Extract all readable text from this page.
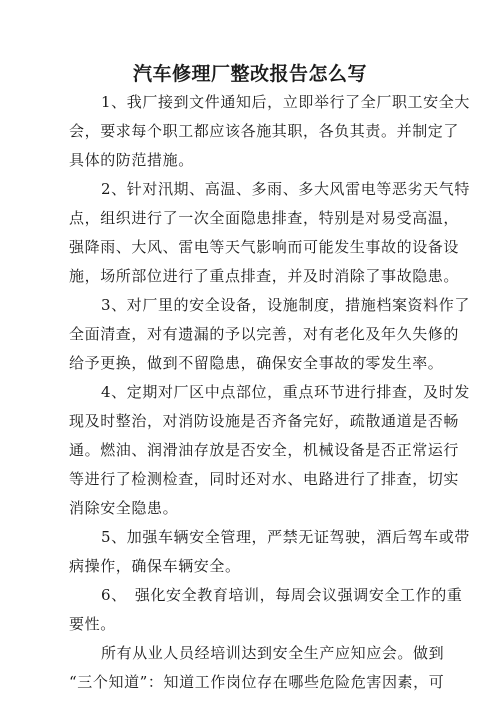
汽车修理厂整改报告怎么写

1、我厂接到文件通知后，立即举行了全厂职工安全大
会，要求每个职工都应该各施其职，各负其责。并制定了
具体的防范措施。

2、针对汛期、高温、多雨、多大风雷电等恶劣天气特
点，组织进行了一次全面隐患排查，特别是对易受高温，
强降雨、大风、雷电等天气影响而可能发生事故的设备设
施，场所部位进行了重点排查，并及时消除了事故隐患。

3、对厂里的安全设备，设施制度，措施档案资料作了
全面清查，对有遗漏的予以完善，对有老化及年久失修的
给予更换，做到不留隐患，确保安全事故的零发生率。

4、定期对厂区中点部位，重点环节进行排查，及时发
现及时整治，对消防设施是否齐备完好，疏散通道是否畅
通。燃油、润滑油存放是否安全，机械设备是否正常运行
等进行了检测检查，同时还对水、电路进行了排查，切实
消除安全隐患。

5、加强车辆安全管理，严禁无证驾驶，酒后驾车或带
病操作，确保车辆安全。

6、　强化安全教育培训，每周会议强调安全工作的重
要性。

所有从业人员经培训达到安全生产应知应会。做到
“三个知道”：知道工作岗位存在哪些危险危害因素，可
